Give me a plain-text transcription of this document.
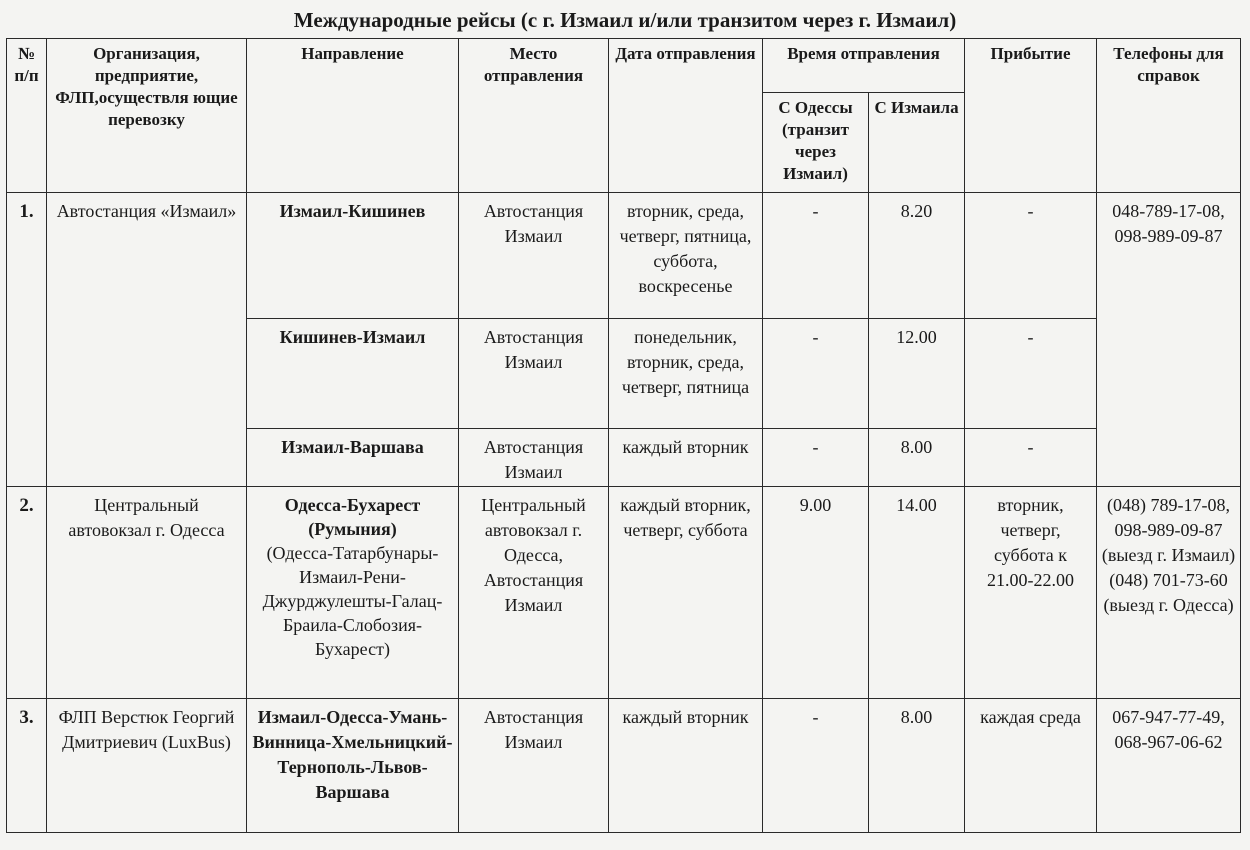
Международные рейсы (с г. Измаил и/или транзитом через г. Измаил)
№ п/п	Организация, предприятие, ФЛП,осуществля ющие перевозку	Направление	Место отправления	Дата отправления	Время отправления		Прибытие	Телефоны для справок
					С Одессы (транзит через Измаил)	С Измаила		
1.	Автостанция «Измаил»	Измаил-Кишинев	Автостанция Измаил	вторник, среда, четверг, пятница, суббота, воскресенье	-	8.20	-	048-789-17-08, 098-989-09-87
		Кишинев-Измаил	Автостанция Измаил	понедельник, вторник, среда, четверг, пятница	-	12.00	-	
		Измаил-Варшава	Автостанция Измаил	каждый вторник	-	8.00	-	
2.	Центральный автовокзал г. Одесса	Одесса-Бухарест (Румыния)
(Одесса-Татарбунары-Измаил-Рени-Джурджулешты-Галац-Браила-Слобозия-Бухарест)	Центральный автовокзал г. Одесса, Автостанция Измаил	каждый вторник, четверг, суббота	9.00	14.00	вторник, четверг, суббота к 21.00-22.00	(048) 789-17-08, 098-989-09-87 (выезд г. Измаил) (048) 701-73-60 (выезд г. Одесса)
3.	ФЛП Верстюк Георгий Дмитриевич (LuxBus)	Измаил-Одесса-Умань-Винница-Хмельницкий-Тернополь-Львов-Варшава	Автостанция Измаил	каждый вторник	-	8.00	каждая среда	067-947-77-49, 068-967-06-62
